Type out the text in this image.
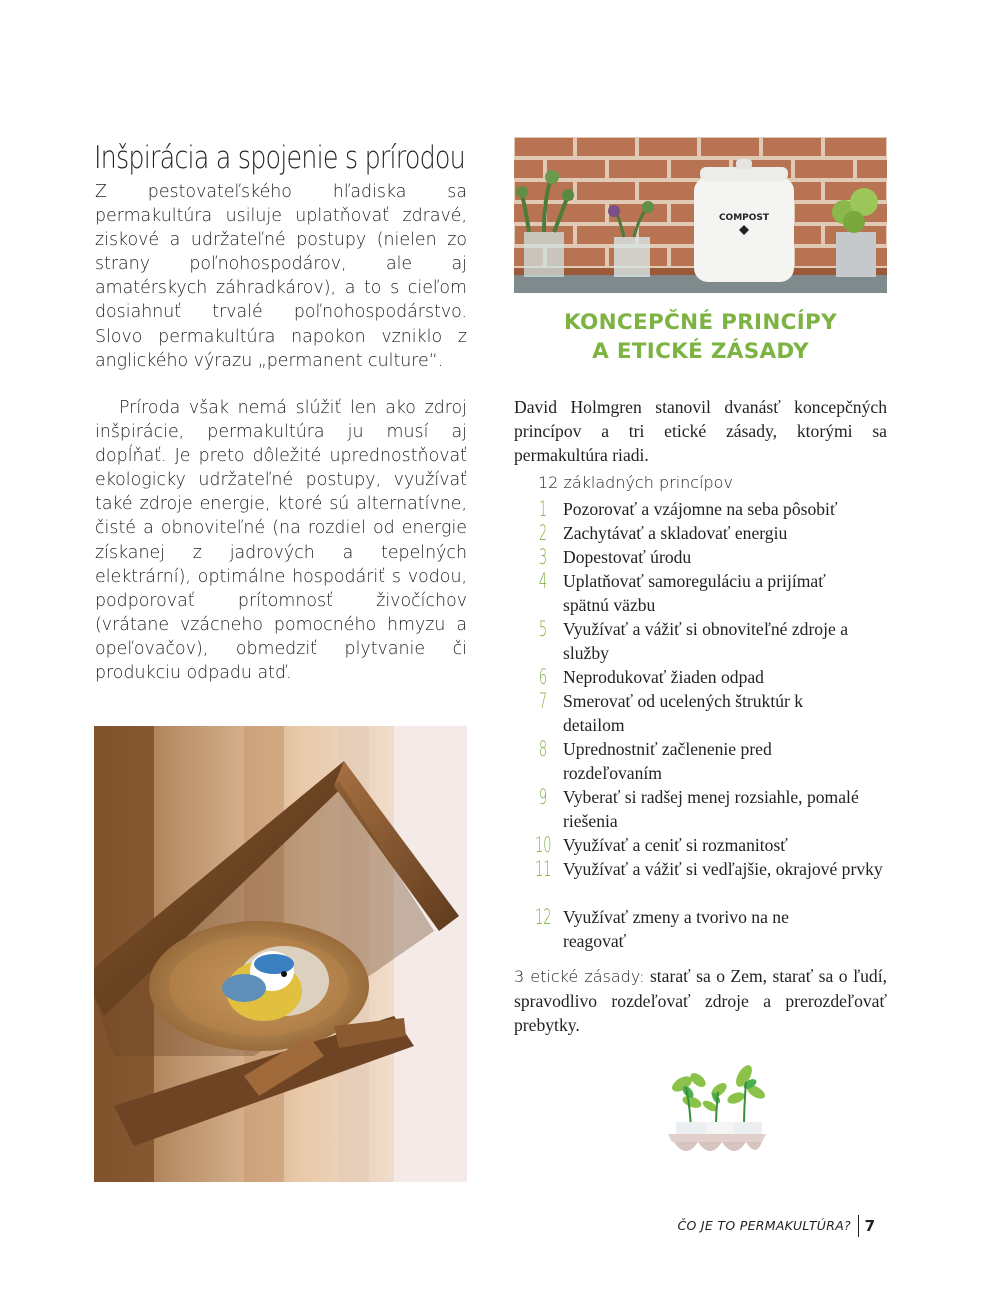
Inšpirácia a spojenie s prírodou

Z pestovateľského hľadiska sa permakultúra usiluje uplatňovať zdravé, ziskové a udržateľné postupy (nielen zo strany poľnohospodárov, ale aj amatérskych záhradkárov), a to s cieľom dosiahnuť trvalé poľnohospodárstvo. Slovo permakultúra napokon vzniklo z anglického výrazu „permanent culture“.

Príroda však nemá slúžiť len ako zdroj inšpirácie, permakultúra ju musí aj dopĺňať. Je preto dôležité uprednostňovať ekologicky udržateľné postupy, využívať také zdroje energie, ktoré sú alternatívne, čisté a obnoviteľné (na rozdiel od energie získanej z jadrových a tepelných elektrární), optimálne hospodáriť s vodou, podporovať prítomnosť živočíchov (vrátane vzácneho pomocného hmyzu a opeľovačov), obmedziť plytvanie či produkciu odpadu atď.

COMPOST
KONCEPČNÉ PRINCÍPY
A ETICKÉ ZÁSADY

David Holmgren stanovil dvanásť koncepčných princípov a tri etické zásady, ktorými sa permakultúra riadi.

12 základných princípov
1 Pozorovať a vzájomne na seba pôsobiť
2 Zachytávať a skladovať energiu
3 Dopestovať úrodu
4 Uplatňovať samoreguláciu a prijímať spätnú väzbu
5 Využívať a vážiť si obnoviteľné zdroje a služby
6 Neprodukovať žiaden odpad
7 Smerovať od ucelených štruktúr k detailom
8 Uprednostniť začlenenie pred rozdeľovaním
9 Vyberať si radšej menej rozsiahle, pomalé riešenia
10 Využívať a ceniť si rozmanitosť
11 Využívať a vážiť si vedľajšie, okrajové prvky
12 Využívať zmeny a tvorivo na ne reagovať

3 etické zásady: starať sa o Zem, starať sa o ľudí, spravodlivo rozdeľovať zdroje a prerozdeľovať prebytky.

ČO JE TO PERMAKULTÚRA? 7
